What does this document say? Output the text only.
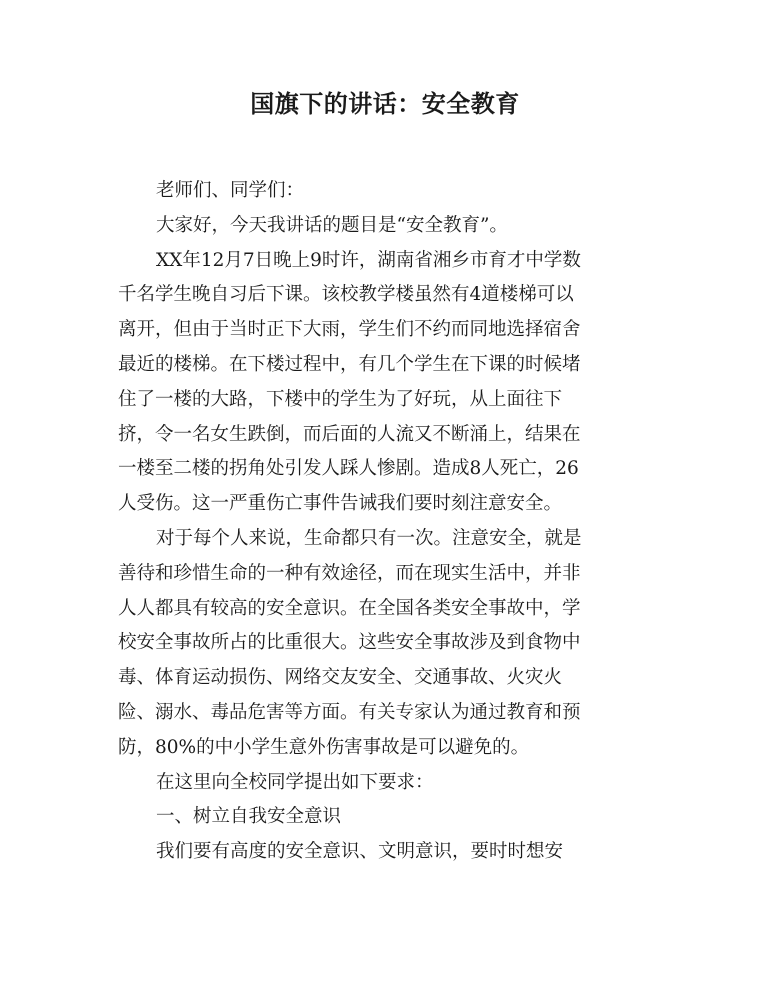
国旗下的讲话：安全教育
老师们、同学们：
大家好，今天我讲话的题目是“安全教育”。
XX年12月7日晚上9时许，湖南省湘乡市育才中学数
千名学生晚自习后下课。该校教学楼虽然有4道楼梯可以
离开，但由于当时正下大雨，学生们不约而同地选择宿舍
最近的楼梯。在下楼过程中，有几个学生在下课的时候堵
住了一楼的大路，下楼中的学生为了好玩，从上面往下
挤，令一名女生跌倒，而后面的人流又不断涌上，结果在
一楼至二楼的拐角处引发人踩人惨剧。造成8人死亡，26
人受伤。这一严重伤亡事件告诫我们要时刻注意安全。
对于每个人来说，生命都只有一次。注意安全，就是
善待和珍惜生命的一种有效途径，而在现实生活中，并非
人人都具有较高的安全意识。在全国各类安全事故中，学
校安全事故所占的比重很大。这些安全事故涉及到食物中
毒、体育运动损伤、网络交友安全、交通事故、火灾火
险、溺水、毒品危害等方面。有关专家认为通过教育和预
防，80%的中小学生意外伤害事故是可以避免的。
在这里向全校同学提出如下要求：
一、树立自我安全意识
我们要有高度的安全意识、文明意识，要时时想安
